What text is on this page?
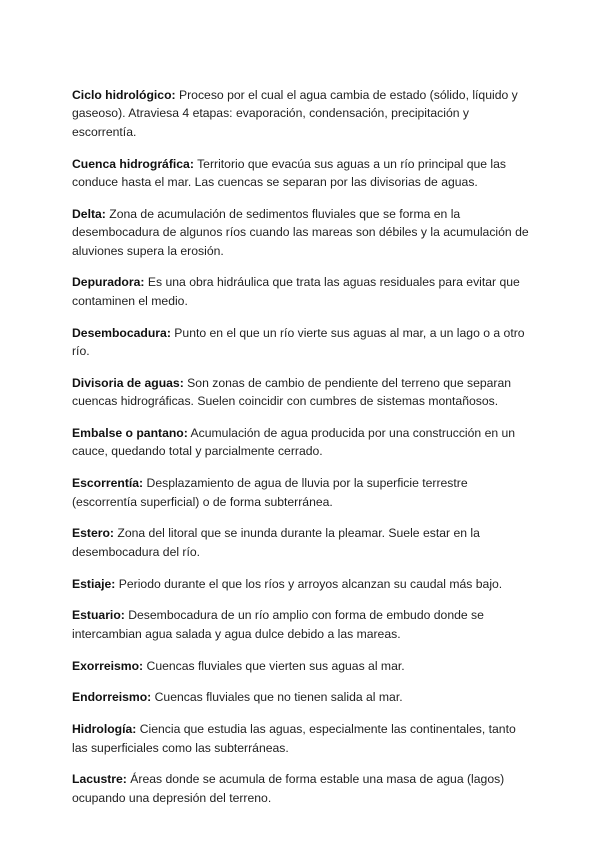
Ciclo hidrológico: Proceso por el cual el agua cambia de estado (sólido, líquido y gaseoso). Atraviesa 4 etapas: evaporación, condensación, precipitación y escorrentía.

Cuenca hidrográfica: Territorio que evacúa sus aguas a un río principal que las conduce hasta el mar. Las cuencas se separan por las divisorias de aguas.

Delta: Zona de acumulación de sedimentos fluviales que se forma en la desembocadura de algunos ríos cuando las mareas son débiles y la acumulación de aluviones supera la erosión.

Depuradora: Es una obra hidráulica que trata las aguas residuales para evitar que contaminen el medio.

Desembocadura: Punto en el que un río vierte sus aguas al mar, a un lago o a otro río.

Divisoria de aguas: Son zonas de cambio de pendiente del terreno que separan cuencas hidrográficas. Suelen coincidir con cumbres de sistemas montañosos.

Embalse o pantano: Acumulación de agua producida por una construcción en un cauce, quedando total y parcialmente cerrado.

Escorrentía: Desplazamiento de agua de lluvia por la superficie terrestre (escorrentía superficial) o de forma subterránea.

Estero: Zona del litoral que se inunda durante la pleamar. Suele estar en la desembocadura del río.

Estiaje: Periodo durante el que los ríos y arroyos alcanzan su caudal más bajo.

Estuario: Desembocadura de un río amplio con forma de embudo donde se intercambian agua salada y agua dulce debido a las mareas.

Exorreismo: Cuencas fluviales que vierten sus aguas al mar.

Endorreismo: Cuencas fluviales que no tienen salida al mar.

Hidrología: Ciencia que estudia las aguas, especialmente las continentales, tanto las superficiales como las subterráneas.

Lacustre: Áreas donde se acumula de forma estable una masa de agua (lagos) ocupando una depresión del terreno.
